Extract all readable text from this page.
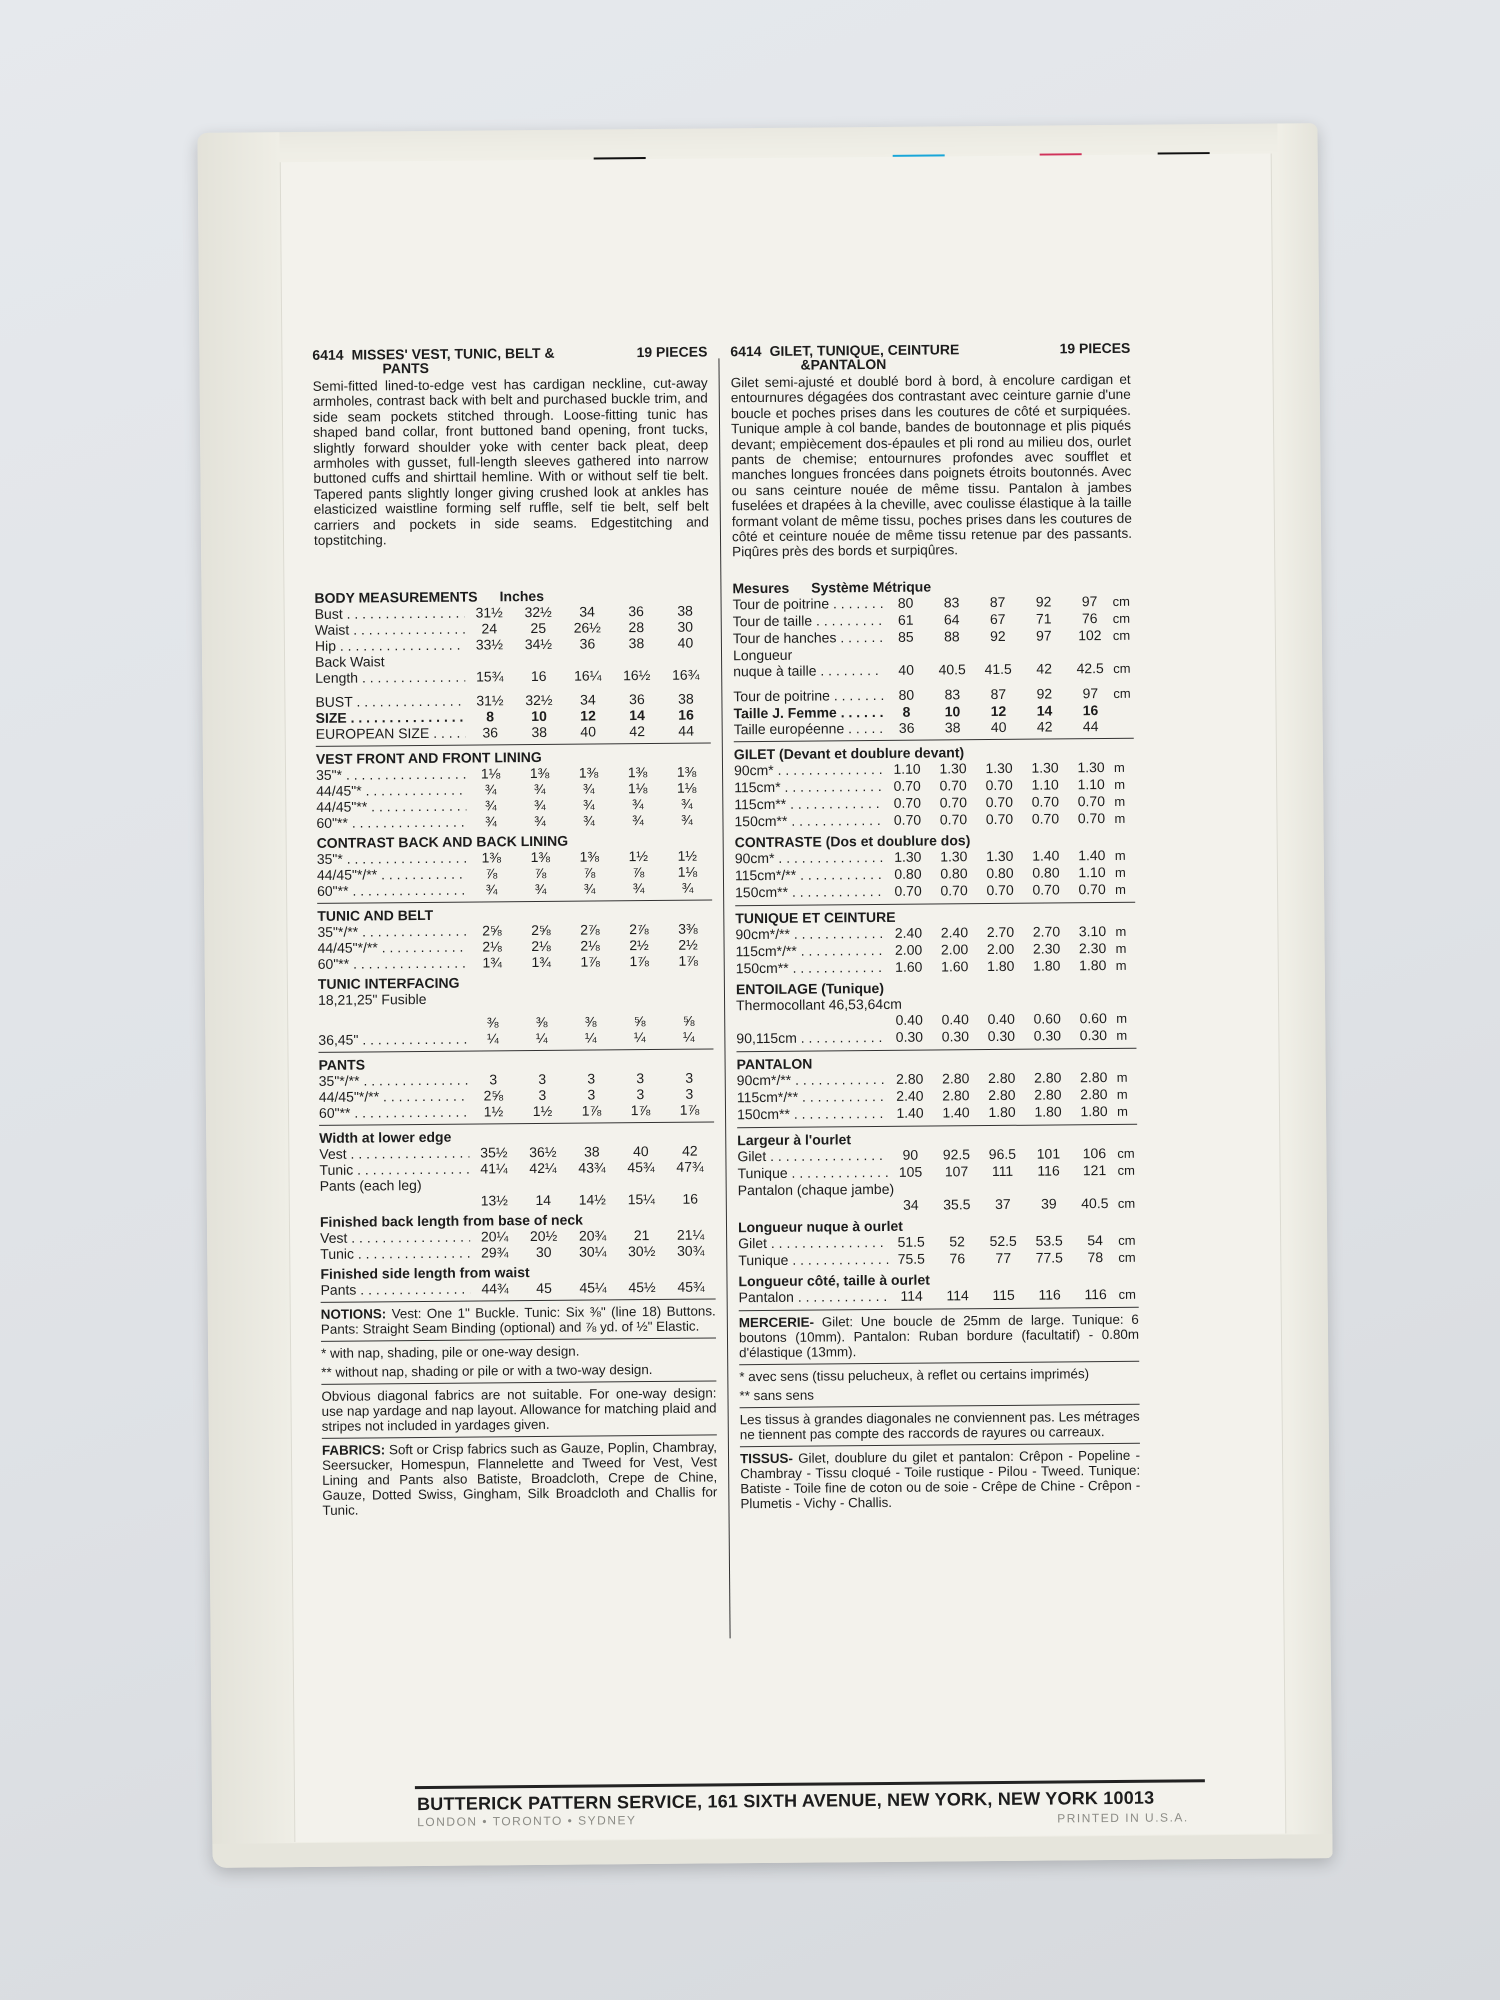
6414 MISSES' VEST, TUNIC, BELT &	19 PIECES
PANTS

Semi-fitted lined-to-edge vest has cardigan neckline, cut-away armholes, contrast back with belt and purchased buckle trim, and side seam pockets stitched through. Loose-fitting tunic has shaped band collar, front buttoned band opening, front tucks, slightly forward shoulder yoke with center back pleat, deep armholes with gusset, full-length sleeves gathered into narrow buttoned cuffs and shirttail hemline. With or without self tie belt. Tapered pants slightly longer giving crushed look at ankles has elasticized waistline forming self ruffle, self tie belt, self belt carriers and pockets in side seams. Edgestitching and topstitching.

BODY MEASUREMENTS Inches
Bust . . .	31½	32½	34	36	38
Waist . . .	24	25	26½	28	30
Hip . . .	33½	34½	36	38	40
Back Waist
Length . . .	15¾	16	16¼	16½	16¾
BUST . . .	31½	32½	34	36	38
SIZE . . .	8	10	12	14	16
EUROPEAN SIZE . . .	36	38	40	42	44
VEST FRONT AND FRONT LINING
35"* . . .	1⅛	1⅜	1⅜	1⅜	1⅜
44/45"* . . .	¾	¾	¾	1⅛	1⅛
44/45"** . . .	¾	¾	¾	¾	¾
60"** . . .	¾	¾	¾	¾	¾
CONTRAST BACK AND BACK LINING
35"* . . .	1⅜	1⅜	1⅜	1½	1½
44/45"*/** . . .	⅞	⅞	⅞	⅞	1⅛
60"** . . .	¾	¾	¾	¾	¾
TUNIC AND BELT
35"*/** . . .	2⅝	2⅝	2⅞	2⅞	3⅜
44/45"*/** . . .	2⅛	2⅛	2⅛	2½	2½
60"** . . .	1¾	1¾	1⅞	1⅞	1⅞
TUNIC INTERFACING
18,21,25" Fusible
⅜	⅜	⅜	⅝	⅝
36,45" . . .	¼	¼	¼	¼	¼
PANTS
35"*/** . . .	3	3	3	3	3
44/45"*/** . . .	2⅝	3	3	3	3
60"** . . .	1½	1½	1⅞	1⅞	1⅞
Width at lower edge
Vest . . .	35½	36½	38	40	42
Tunic . . .	41¼	42¼	43¾	45¾	47¾
Pants (each leg)
13½	14	14½	15¼	16
Finished back length from base of neck
Vest . . .	20¼	20½	20¾	21	21¼
Tunic . . .	29¾	30	30¼	30½	30¾
Finished side length from waist
Pants . . .	44¾	45	45¼	45½	45¾
NOTIONS: Vest: One 1" Buckle. Tunic: Six ⅜" (line 18) Buttons. Pants: Straight Seam Binding (optional) and ⅞ yd. of ½" Elastic.
* with nap, shading, pile or one-way design.
** without nap, shading or pile or with a two-way design.
Obvious diagonal fabrics are not suitable. For one-way design: use nap yardage and nap layout. Allowance for matching plaid and stripes not included in yardages given.
FABRICS: Soft or Crisp fabrics such as Gauze, Poplin, Chambray, Seersucker, Homespun, Flannelette and Tweed for Vest, Vest Lining and Pants also Batiste, Broadcloth, Crepe de Chine, Gauze, Dotted Swiss, Gingham, Silk Broadcloth and Challis for Tunic.
6414 GILET, TUNIQUE, CEINTURE	19 PIECES
&PANTALON

Gilet semi-ajusté et doublé bord à bord, à encolure cardigan et entournures dégagées dos contrastant avec ceinture garnie d'une boucle et poches prises dans les coutures de côté et surpiquées. Tunique ample à col bande, bandes de boutonnage et plis piqués devant; empiècement dos-épaules et pli rond au milieu dos, ourlet pants de chemise; entournures profondes avec soufflet et manches longues froncées dans poignets étroits boutonnés. Avec ou sans ceinture nouée de même tissu. Pantalon à jambes fuselées et drapées à la cheville, avec coulisse élastique à la taille formant volant de même tissu, poches prises dans les coutures de côté et ceinture nouée de même tissu retenue par des passants. Piqûres près des bords et surpiqûres.

Mesures Système Métrique
Tour de poitrine . . .	80	83	87	92	97	cm
Tour de taille . . .	61	64	67	71	76	cm
Tour de hanches . . .	85	88	92	97	102 cm
Longueur
nuque à taille . . .	40	40.5	41.5	42	42.5 cm
Tour de poitrine . . .	80	83	87	92	97	cm
Taille J. Femme . . .	8	10	12	14	16
Taille européenne . . .	36	38	40	42	44
GILET (Devant et doublure devant)
90cm* . . .	1.10	1.30	1.30	1.30	1.30 m
115cm* . . .	0.70	0.70	0.70	1.10	1.10 m
115cm** . . .	0.70	0.70	0.70	0.70	0.70 m
150cm** . . .	0.70	0.70	0.70	0.70	0.70 m
CONTRASTE (Dos et doublure dos)
90cm* . . .	1.30	1.30	1.30	1.40	1.40 m
115cm*/** . . .	0.80	0.80	0.80	0.80	1.10 m
150cm** . . .	0.70	0.70	0.70	0.70	0.70 m
TUNIQUE ET CEINTURE
90cm*/** . . .	2.40	2.40	2.70	2.70	3.10 m
115cm*/** . . .	2.00	2.00	2.00	2.30	2.30 m
150cm** . . .	1.60	1.60	1.80	1.80	1.80 m
ENTOILAGE (Tunique)
Thermocollant 46,53,64cm
0.40	0.40	0.40	0.60	0.60 m
90,115cm . . .	0.30	0.30	0.30	0.30	0.30 m
PANTALON
90cm*/** . . .	2.80	2.80	2.80	2.80	2.80 m
115cm*/** . . .	2.40	2.80	2.80	2.80	2.80 m
150cm** . . .	1.40	1.40	1.80	1.80	1.80 m
Largeur à l'ourlet
Gilet . . .	90	92.5	96.5	101	106 cm
Tunique . . .	105	107	111	116	121 cm
Pantalon (chaque jambe)
34	35.5	37	39	40.5 cm
Longueur nuque à ourlet
Gilet . . .	51.5	52	52.5	53.5	54	cm
Tunique . . .	75.5	76	77	77.5	78	cm
Longueur côté, taille à ourlet
Pantalon . . .	114	114	115	116	116 cm
MERCERIE- Gilet: Une boucle de 25mm de large. Tunique: 6 boutons (10mm). Pantalon: Ruban bordure (facultatif) - 0.80m d'élastique (13mm).
* avec sens (tissu pelucheux, à reflet ou certains imprimés)
** sans sens
Les tissus à grandes diagonales ne conviennent pas. Les métrages ne tiennent pas compte des raccords de rayures ou carreaux.
TISSUS- Gilet, doublure du gilet et pantalon: Crêpon - Popeline - Chambray - Tissu cloqué - Toile rustique - Pilou - Tweed. Tunique: Batiste - Toile fine de coton ou de soie - Crêpe de Chine - Crêpon - Plumetis - Vichy - Challis.
BUTTERICK PATTERN SERVICE, 161 SIXTH AVENUE, NEW YORK, NEW YORK 10013
LONDON • TORONTO • SYDNEY	PRINTED IN U.S.A.
